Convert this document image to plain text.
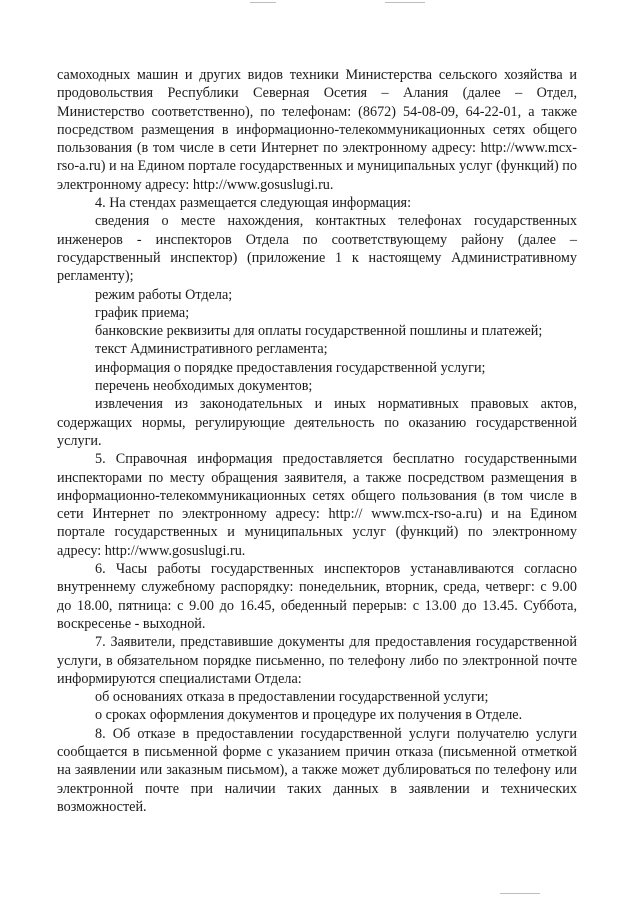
самоходных машин и других видов техники Министерства сельского хозяйства и продовольствия Республики Северная Осетия – Алания (далее – Отдел, Министерство соответственно), по телефонам: (8672) 54-08-09, 64-22-01, а также посредством размещения в информационно-телекоммуникационных сетях общего пользования (в том числе в сети Интернет по электронному адресу: http://www.mcx-rso-a.ru) и на Едином портале государственных и муниципальных услуг (функций) по электронному адресу: http://www.gosuslugi.ru.

4. На стендах размещается следующая информация:

сведения о месте нахождения, контактных телефонах государственных инженеров - инспекторов Отдела по соответствующему району (далее – государственный инспектор) (приложение 1 к настоящему Административному регламенту);

режим работы Отдела;

график приема;

банковские реквизиты для оплаты государственной пошлины и платежей;

текст Административного регламента;

информация о порядке предоставления государственной услуги;

перечень необходимых документов;

извлечения из законодательных и иных нормативных правовых актов, содержащих нормы, регулирующие деятельность по оказанию государственной услуги.

5. Справочная информация предоставляется бесплатно государственными инспекторами по месту обращения заявителя, а также посредством размещения в информационно-телекоммуникационных сетях общего пользования (в том числе в сети Интернет по электронному адресу: http:// www.mcx-rso-a.ru) и на Едином портале государственных и муниципальных услуг (функций) по электронному адресу: http://www.gosuslugi.ru.

6. Часы работы государственных инспекторов устанавливаются согласно внутреннему служебному распорядку: понедельник, вторник, среда, четверг: с 9.00 до 18.00, пятница: с 9.00 до 16.45, обеденный перерыв: с 13.00 до 13.45. Суббота, воскресенье - выходной.

7. Заявители, представившие документы для предоставления государственной услуги, в обязательном порядке письменно, по телефону либо по электронной почте информируются специалистами Отдела:

об основаниях отказа в предоставлении государственной услуги;

о сроках оформления документов и процедуре их получения в Отделе.

8. Об отказе в предоставлении государственной услуги получателю услуги сообщается в письменной форме с указанием причин отказа (письменной отметкой на заявлении или заказным письмом), а также может дублироваться по телефону или электронной почте при наличии таких данных в заявлении и технических возможностей.
